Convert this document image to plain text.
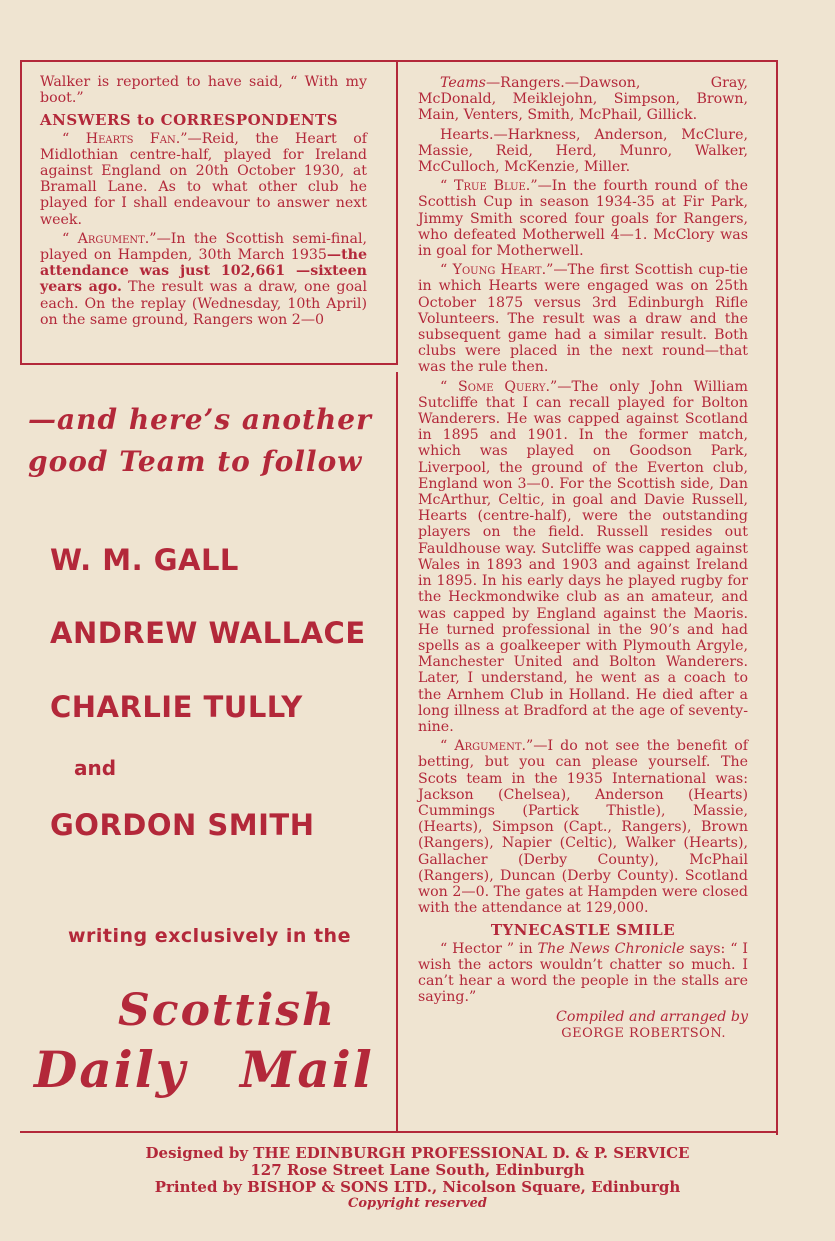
Walker is reported to have said, “ With my boot.”

ANSWERS to CORRESPONDENTS

“ Hearts Fan.”—Reid, the Heart of Midlothian centre-half, played for Ireland against England on 20th October 1930, at Bramall Lane. As to what other club he played for I shall endeavour to answer next week.

“ Argument.”—In the Scottish semi-final, played on Hampden, 30th March 1935—the attendance was just 102,661 —sixteen years ago. The result was a draw, one goal each. On the replay (Wednesday, 10th April) on the same ground, Rangers won 2—0

—and here’s another
good Team to follow
W. M. GALL
ANDREW WALLACE
CHARLIE TULLY
and
GORDON SMITH
writing exclusively in the
Scottish
Daily Mail

Teams—Rangers.—Dawson, Gray, McDonald, Meiklejohn, Simpson, Brown, Main, Venters, Smith, McPhail, Gillick.

Hearts.—Harkness, Anderson, McClure, Massie, Reid, Herd, Munro, Walker, McCulloch, McKenzie, Miller.

“ True Blue.”—In the fourth round of the Scottish Cup in season 1934-35 at Fir Park, Jimmy Smith scored four goals for Rangers, who defeated Motherwell 4—1. McClory was in goal for Motherwell.

“ Young Heart.”—The first Scottish cup-tie in which Hearts were engaged was on 25th October 1875 versus 3rd Edinburgh Rifle Volunteers. The result was a draw and the subsequent game had a similar result. Both clubs were placed in the next round—that was the rule then.

“ Some Query.”—The only John William Sutcliffe that I can recall played for Bolton Wanderers. He was capped against Scotland in 1895 and 1901. In the former match, which was played on Goodson Park, Liverpool, the ground of the Everton club, England won 3—0. For the Scottish side, Dan McArthur, Celtic, in goal and Davie Russell, Hearts (centre-half), were the outstanding players on the field. Russell resides out Fauldhouse way. Sutcliffe was capped against Wales in 1893 and 1903 and against Ireland in 1895. In his early days he played rugby for the Heckmondwike club as an amateur, and was capped by England against the Maoris. He turned professional in the 90’s and had spells as a goalkeeper with Plymouth Argyle, Manchester United and Bolton Wanderers. Later, I understand, he went as a coach to the Arnhem Club in Holland. He died after a long illness at Bradford at the age of seventy-nine.

“ Argument.”—I do not see the benefit of betting, but you can please yourself. The Scots team in the 1935 International was: Jackson (Chelsea), Anderson (Hearts) Cummings (Partick Thistle), Massie, (Hearts), Simpson (Capt., Rangers), Brown (Rangers), Napier (Celtic), Walker (Hearts), Gallacher (Derby County), McPhail (Rangers), Duncan (Derby County). Scotland won 2—0. The gates at Hampden were closed with the attendance at 129,000.

TYNECASTLE SMILE

“ Hector ” in The News Chronicle says: “ I wish the actors wouldn’t chatter so much. I can’t hear a word the people in the stalls are saying.”

Compiled and arranged by
GEORGE ROBERTSON.
Designed by THE EDINBURGH PROFESSIONAL D. & P. SERVICE
127 Rose Street Lane South, Edinburgh
Printed by BISHOP & SONS LTD., Nicolson Square, Edinburgh
Copyright reserved
